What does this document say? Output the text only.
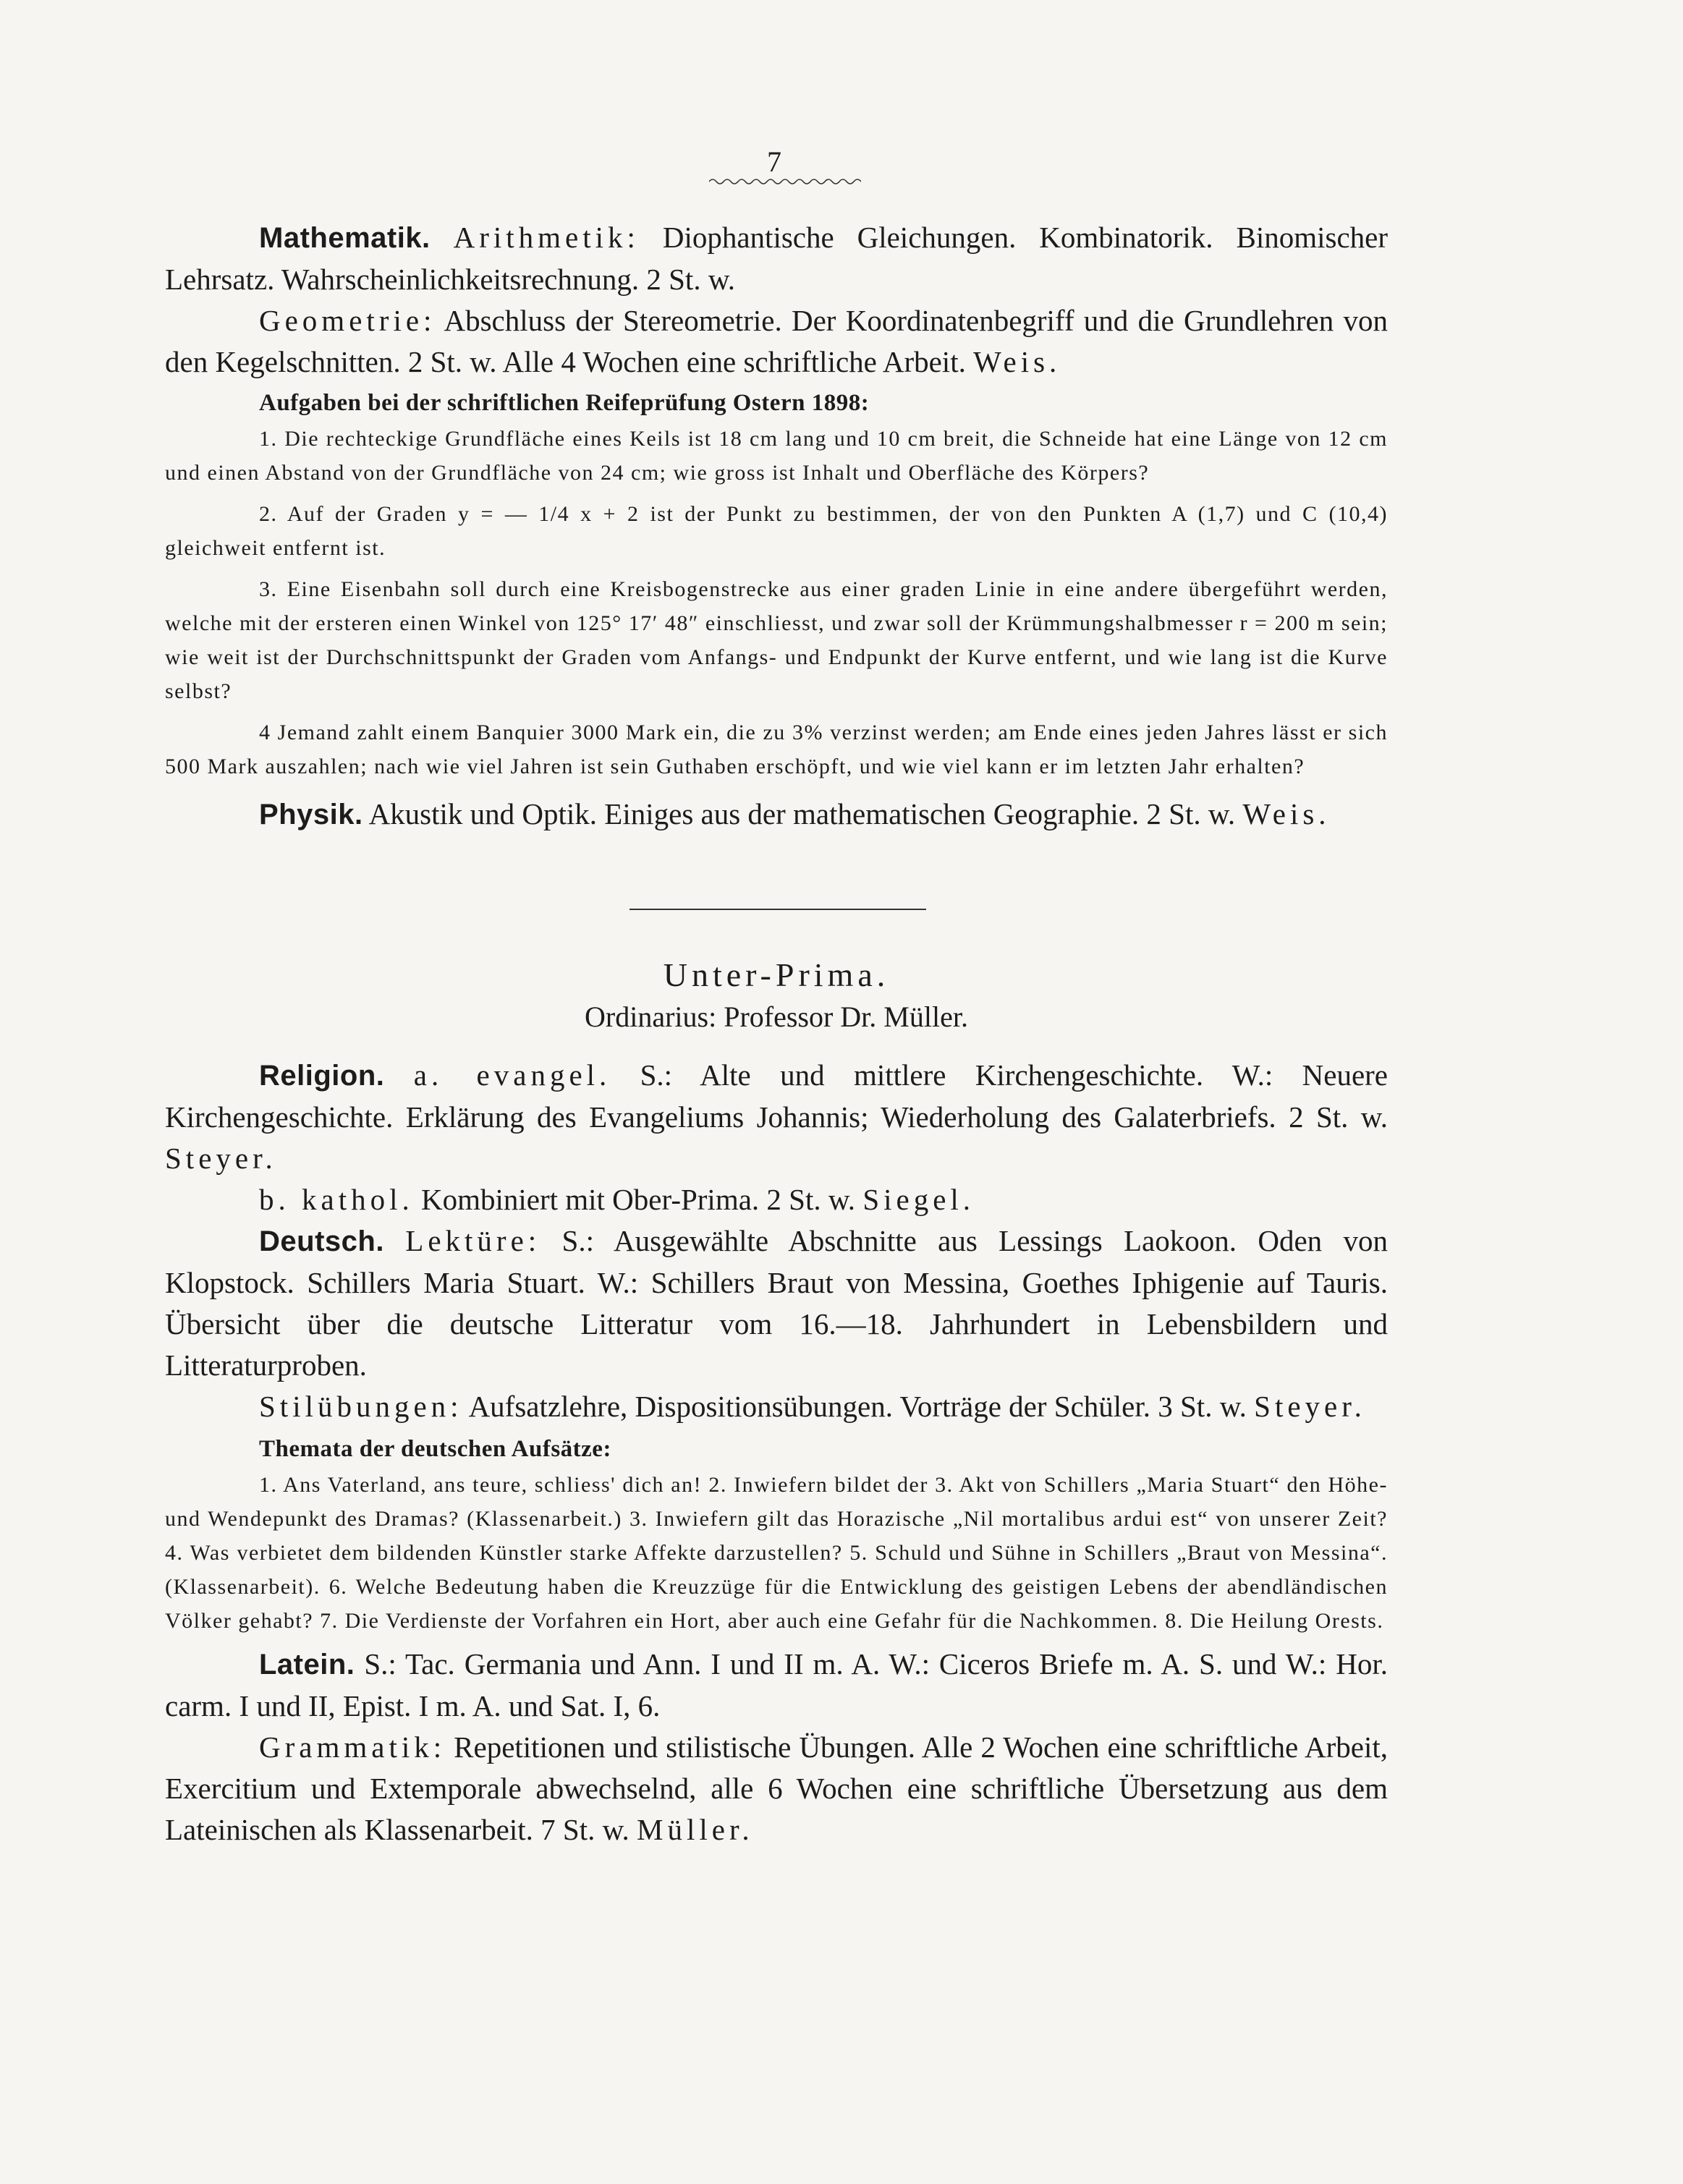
7

Mathematik. Arithmetik: Diophantische Gleichungen. Kombinatorik. Binomischer Lehrsatz. Wahrscheinlichkeitsrechnung. 2 St. w.

Geometrie: Abschluss der Stereometrie. Der Koordinatenbegriff und die Grundlehren von den Kegelschnitten. 2 St. w. Alle 4 Wochen eine schriftliche Arbeit. Weis.

Aufgaben bei der schriftlichen Reifeprüfung Ostern 1898:

1. Die rechteckige Grundfläche eines Keils ist 18 cm lang und 10 cm breit, die Schneide hat eine Länge von 12 cm und einen Abstand von der Grundfläche von 24 cm; wie gross ist Inhalt und Oberfläche des Körpers?

2. Auf der Graden y = — 1/4 x + 2 ist der Punkt zu bestimmen, der von den Punkten A (1,7) und C (10,4) gleichweit entfernt ist.

3. Eine Eisenbahn soll durch eine Kreisbogenstrecke aus einer graden Linie in eine andere übergeführt werden, welche mit der ersteren einen Winkel von 125° 17′ 48″ einschliesst, und zwar soll der Krümmungshalbmesser r = 200 m sein; wie weit ist der Durchschnittspunkt der Graden vom Anfangs- und Endpunkt der Kurve entfernt, und wie lang ist die Kurve selbst?

4 Jemand zahlt einem Banquier 3000 Mark ein, die zu 3% verzinst werden; am Ende eines jeden Jahres lässt er sich 500 Mark auszahlen; nach wie viel Jahren ist sein Guthaben erschöpft, und wie viel kann er im letzten Jahr erhalten?

Physik. Akustik und Optik. Einiges aus der mathematischen Geographie. 2 St. w. Weis.

Unter-Prima.

Ordinarius: Professor Dr. Müller.

Religion. a. evangel. S.: Alte und mittlere Kirchengeschichte. W.: Neuere Kirchengeschichte. Erklärung des Evangeliums Johannis; Wiederholung des Galaterbriefs. 2 St. w. Steyer.

b. kathol. Kombiniert mit Ober-Prima. 2 St. w. Siegel.

Deutsch. Lektüre: S.: Ausgewählte Abschnitte aus Lessings Laokoon. Oden von Klopstock. Schillers Maria Stuart. W.: Schillers Braut von Messina, Goethes Iphigenie auf Tauris. Übersicht über die deutsche Litteratur vom 16.—18. Jahrhundert in Lebensbildern und Litteraturproben.

Stilübungen: Aufsatzlehre, Dispositionsübungen. Vorträge der Schüler. 3 St. w. Steyer.

Themata der deutschen Aufsätze:

1. Ans Vaterland, ans teure, schliess' dich an! 2. Inwiefern bildet der 3. Akt von Schillers „Maria Stuart“ den Höhe- und Wendepunkt des Dramas? (Klassenarbeit.) 3. Inwiefern gilt das Horazische „Nil mortalibus ardui est“ von unserer Zeit? 4. Was verbietet dem bildenden Künstler starke Affekte darzustellen? 5. Schuld und Sühne in Schillers „Braut von Messina“. (Klassenarbeit). 6. Welche Bedeutung haben die Kreuzzüge für die Entwicklung des geistigen Lebens der abendländischen Völker gehabt? 7. Die Verdienste der Vorfahren ein Hort, aber auch eine Gefahr für die Nachkommen. 8. Die Heilung Orests.

Latein. S.: Tac. Germania und Ann. I und II m. A. W.: Ciceros Briefe m. A. S. und W.: Hor. carm. I und II, Epist. I m. A. und Sat. I, 6.

Grammatik: Repetitionen und stilistische Übungen. Alle 2 Wochen eine schriftliche Arbeit, Exercitium und Extemporale abwechselnd, alle 6 Wochen eine schriftliche Übersetzung aus dem Lateinischen als Klassenarbeit. 7 St. w. Müller.
